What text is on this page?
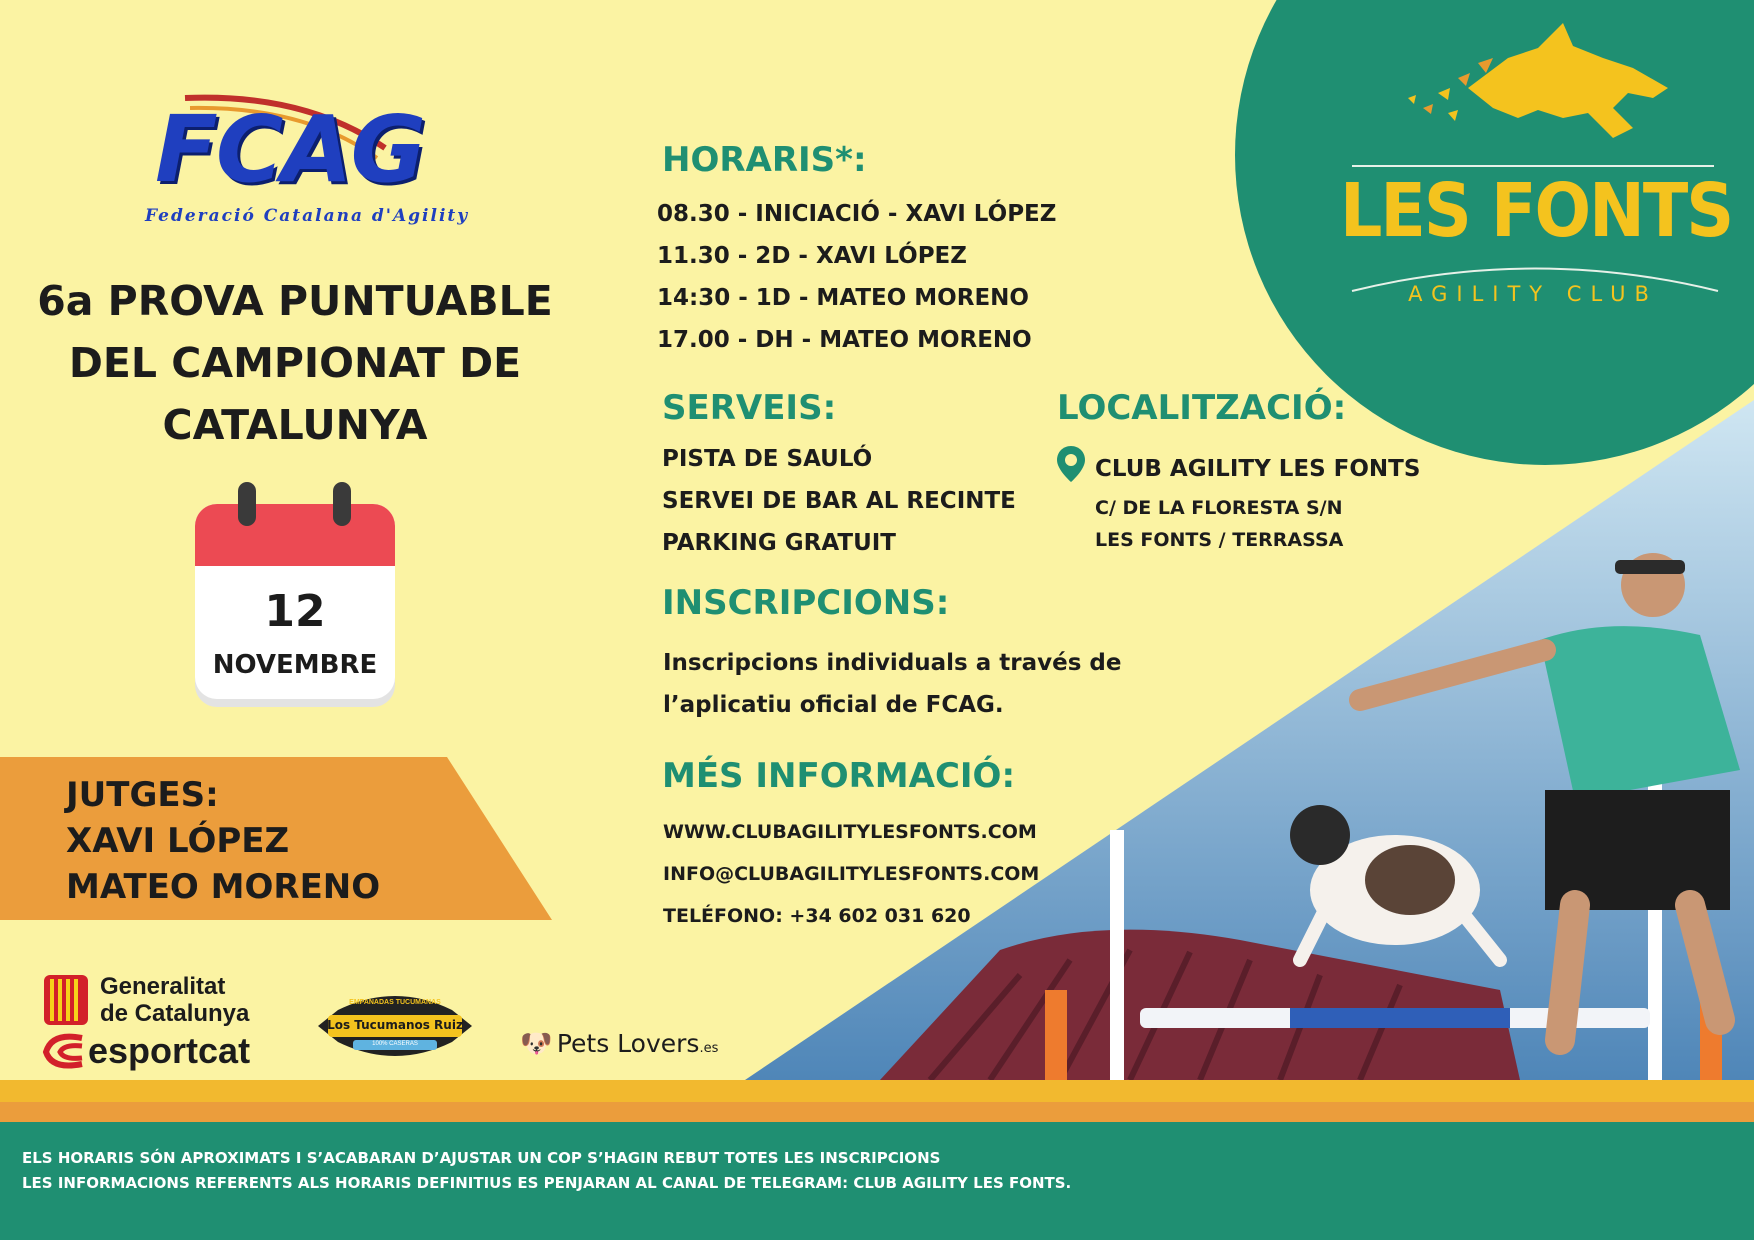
FCAG
Federació Catalana d'Agility
6a PROVA PUNTUABLE
DEL CAMPIONAT DE
CATALUNYA
12
NOVEMBRE
JUTGES:
XAVI LÓPEZ
MATEO MORENO
HORARIS*:
08.30 - INICIACIÓ - XAVI LÓPEZ
11.30 - 2D - XAVI LÓPEZ
14:30 - 1D - MATEO MORENO
17.00 - DH - MATEO MORENO
SERVEIS:
PISTA DE SAULÓ
SERVEI DE BAR AL RECINTE
PARKING GRATUIT
LOCALITZACIÓ:
CLUB AGILITY LES FONTS
C/ DE LA FLORESTA S/N
LES FONTS / TERRASSA
INSCRIPCIONS:
Inscripcions individuals a través de
l’aplicatiu oficial de FCAG.
MÉS INFORMACIÓ:
WWW.CLUBAGILITYLESFONTS.COM
INFO@CLUBAGILITYLESFONTS.COM
TELÉFONO: +34 602 031 620
LES FONTS
AGILITY CLUB
Generalitat
de Catalunya
esportcat
EMPANADAS TUCUMANAS
Los Tucumanos Ruiz
100% CASERAS	🐶 Pets Lovers.es
ELS HORARIS SÓN APROXIMATS I S’ACABARAN D’AJUSTAR UN COP S’HAGIN REBUT TOTES LES INSCRIPCIONS
LES INFORMACIONS REFERENTS ALS HORARIS DEFINITIUS ES PENJARAN AL CANAL DE TELEGRAM: CLUB AGILITY LES FONTS.
